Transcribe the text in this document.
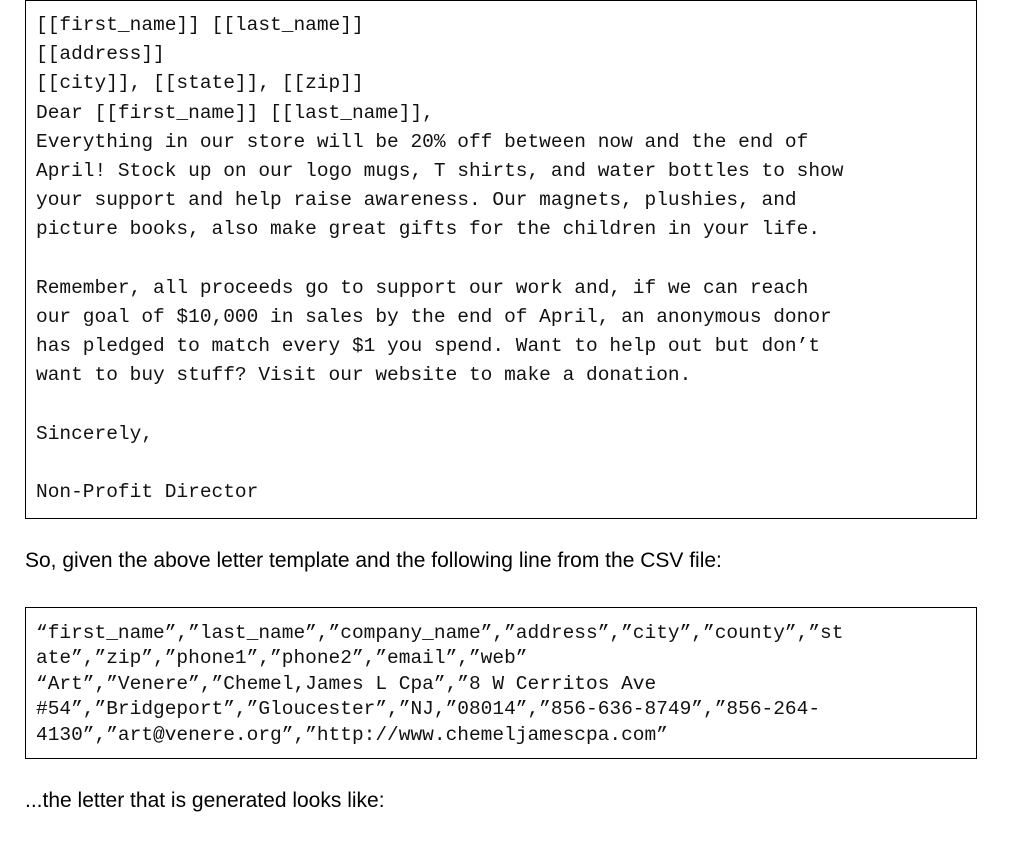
[[first_name]] [[last_name]]
[[address]]
[[city]], [[state]], [[zip]]
Dear [[first_name]] [[last_name]],
Everything in our store will be 20% off between now and the end of
April! Stock up on our logo mugs, T shirts, and water bottles to show
your support and help raise awareness. Our magnets, plushies, and
picture books, also make great gifts for the children in your life.

Remember, all proceeds go to support our work and, if we can reach
our goal of $10,000 in sales by the end of April, an anonymous donor
has pledged to match every $1 you spend. Want to help out but don’t
want to buy stuff? Visit our website to make a donation.

Sincerely,

Non-Profit Director

So, given the above letter template and the following line from the CSV file:

“first_name”,”last_name”,”company_name”,”address”,”city”,”county”,”st
ate”,”zip”,”phone1”,”phone2”,”email”,”web”
“Art”,”Venere”,”Chemel,James L Cpa”,”8 W Cerritos Ave
#54”,”Bridgeport”,”Gloucester”,”NJ,”08014”,”856-636-8749”,”856-264-
4130”,”art@venere.org”,”http://www.chemeljamescpa.com”

...the letter that is generated looks like:
